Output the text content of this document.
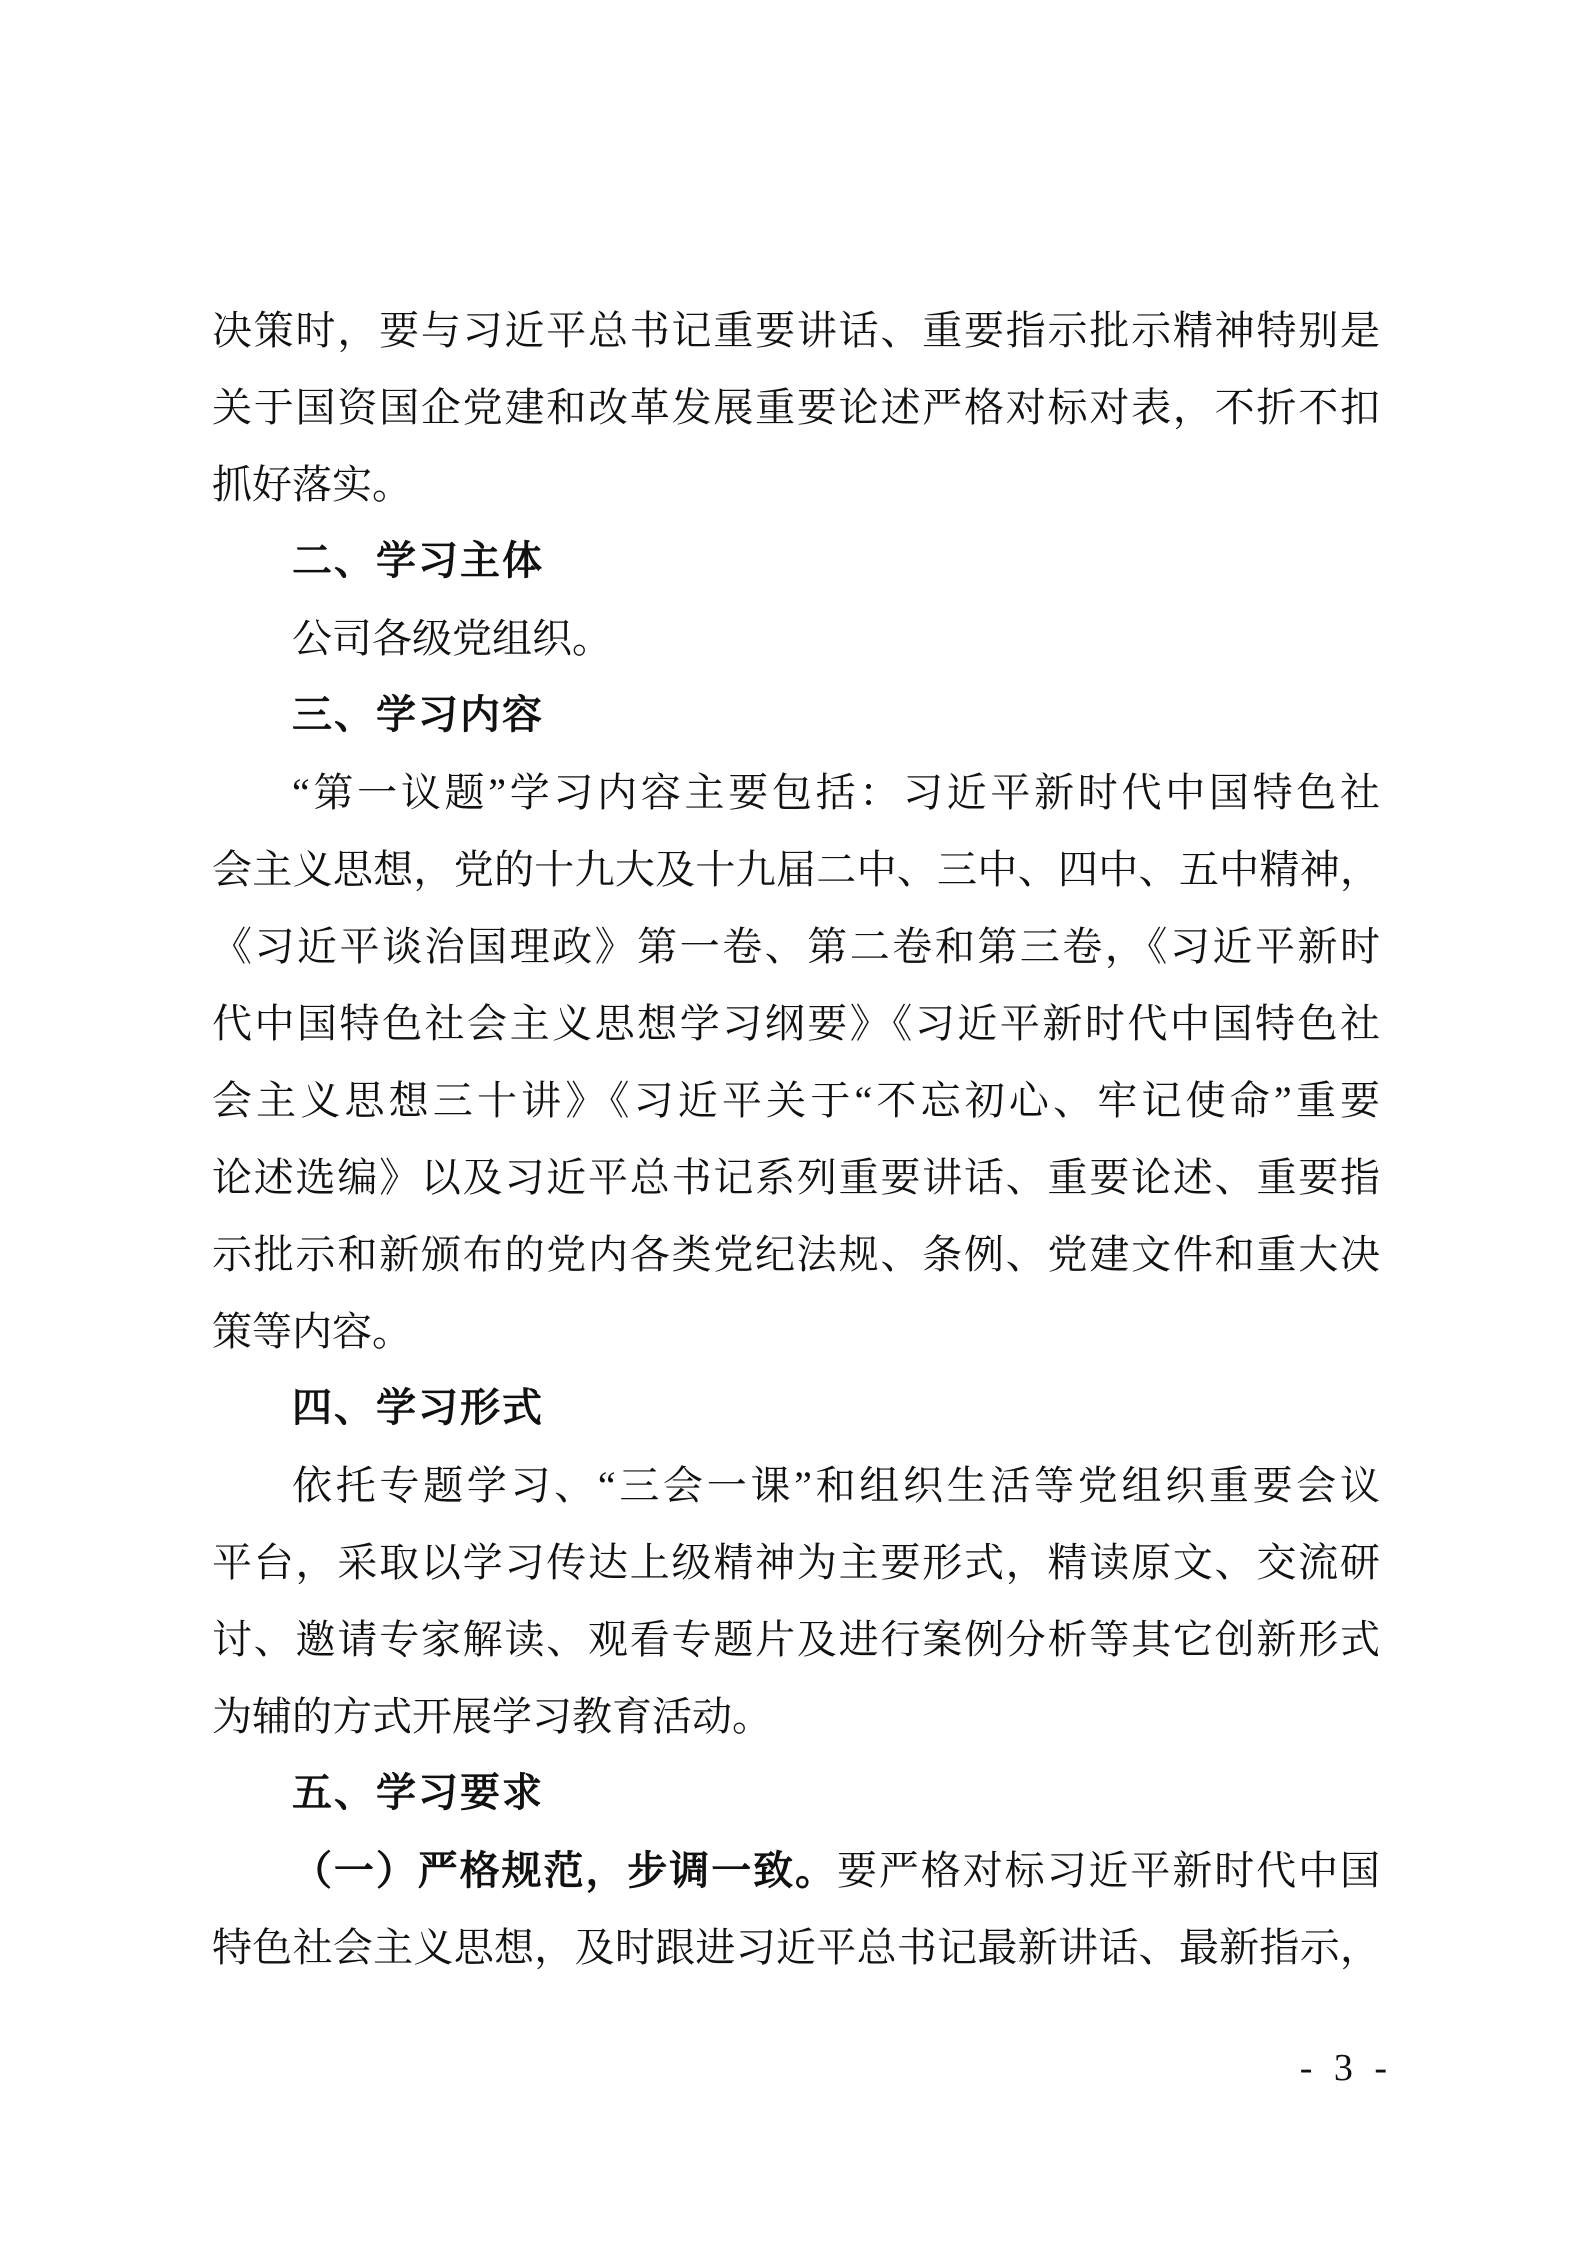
决策时，要与习近平总书记重要讲话、重要指示批示精神特别是
关于国资国企党建和改革发展重要论述严格对标对表，不折不扣
抓好落实。
二、学习主体
公司各级党组织。
三、学习内容
“第一议题”学习内容主要包括：习近平新时代中国特色社
会主义思想，党的十九大及十九届二中、三中、四中、五中精神，
《习近平谈治国理政》第一卷、第二卷和第三卷，《习近平新时
代中国特色社会主义思想学习纲要》《习近平新时代中国特色社
会主义思想三十讲》《习近平关于“不忘初心、牢记使命”重要
论述选编》以及习近平总书记系列重要讲话、重要论述、重要指
示批示和新颁布的党内各类党纪法规、条例、党建文件和重大决
策等内容。
四、学习形式
依托专题学习、“三会一课”和组织生活等党组织重要会议
平台，采取以学习传达上级精神为主要形式，精读原文、交流研
讨、邀请专家解读、观看专题片及进行案例分析等其它创新形式
为辅的方式开展学习教育活动。
五、学习要求
（一）严格规范，步调一致。要严格对标习近平新时代中国
特色社会主义思想，及时跟进习近平总书记最新讲话、最新指示，
- 3 -
